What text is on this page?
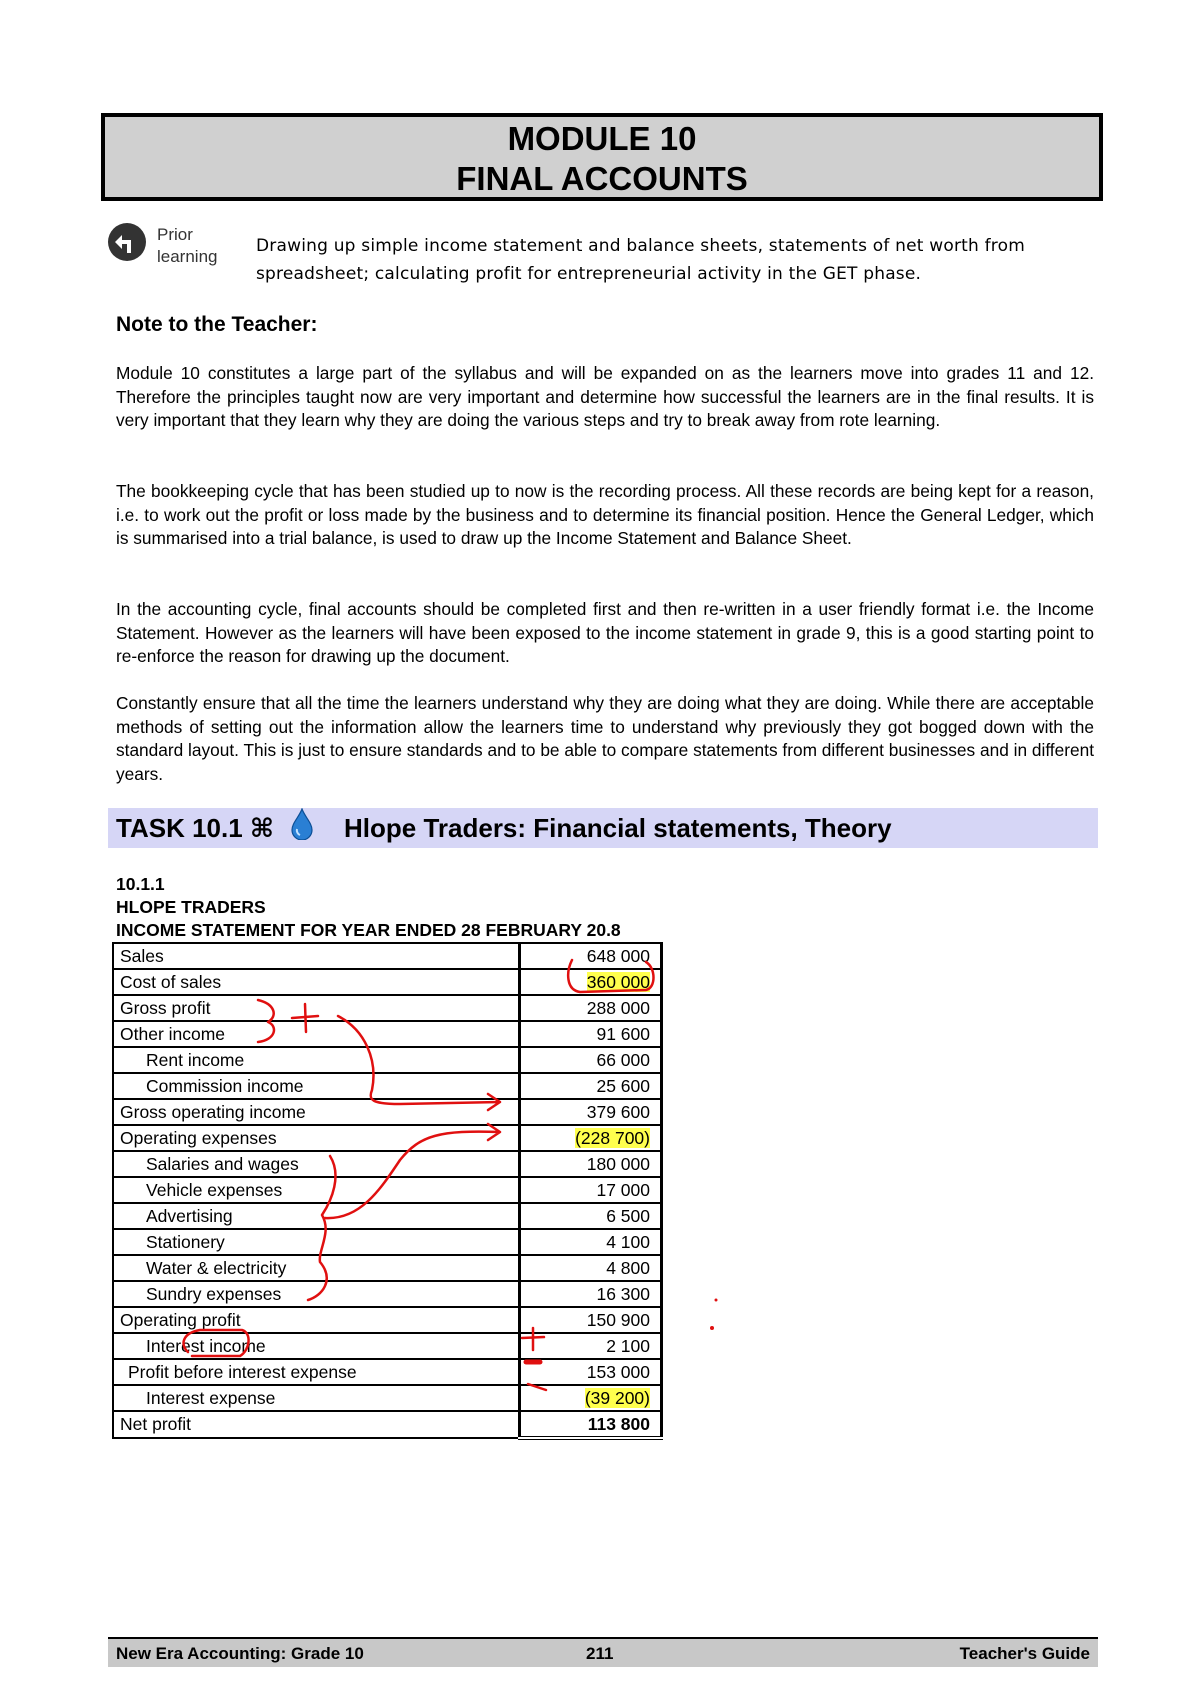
MODULE 10
FINAL ACCOUNTS
Prior
learning
Drawing up simple income statement and balance sheets, statements of net worth from spreadsheet; calculating profit for entrepreneurial activity in the GET phase.
Note to the Teacher:

Module 10 constitutes a large part of the syllabus and will be expanded on as the learners move into grades 11 and 12. Therefore the principles taught now are very important and determine how successful the learners are in the final results. It is very important that they learn why they are doing the various steps and try to break away from rote learning.

The bookkeeping cycle that has been studied up to now is the recording process. All these records are being kept for a reason, i.e. to work out the profit or loss made by the business and to determine its financial position. Hence the General Ledger, which is summarised into a trial balance, is used to draw up the Income Statement and Balance Sheet.

In the accounting cycle, final accounts should be completed first and then re-written in a user friendly format i.e. the Income Statement. However as the learners will have been exposed to the income statement in grade 9, this is a good starting point to re-enforce the reason for drawing up the document.

Constantly ensure that all the time the learners understand why they are doing what they are doing. While there are acceptable methods of setting out the information allow the learners time to understand why previously they got bogged down with the standard layout. This is just to ensure standards and to be able to compare statements from different businesses and in different years.

TASK 10.1 ⌘	Hlope Traders: Financial statements, Theory
10.1.1
HLOPE TRADERS
INCOME STATEMENT FOR YEAR ENDED 28 FEBRUARY 20.8
Sales	648 000
Cost of sales	360 000
Gross profit	288 000
Other income	91 600
Rent income	66 000
Commission income	25 600
Gross operating income	379 600
Operating expenses	(228 700)
Salaries and wages	180 000
Vehicle expenses	17 000
Advertising	6 500
Stationery	4 100
Water & electricity	4 800
Sundry expenses	16 300
Operating profit	150 900
Interest income	2 100
Profit before interest expense	153 000
Interest expense	(39 200)
Net profit	113 800
New Era Accounting: Grade 10	211	Teacher's Guide
